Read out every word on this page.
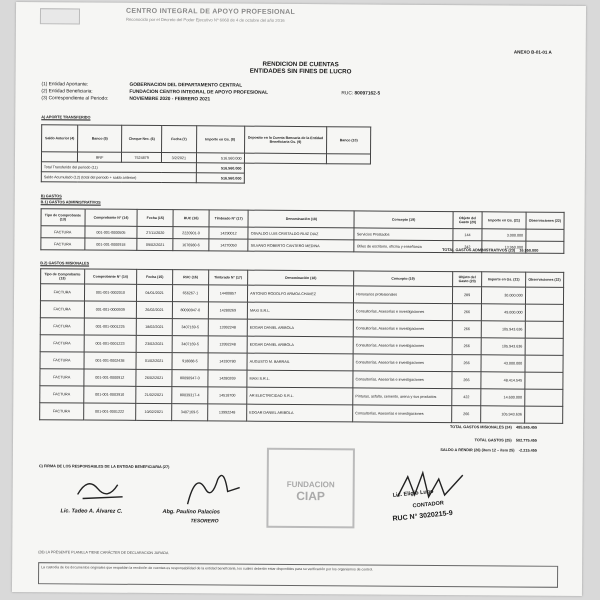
CENTRO INTEGRAL DE APOYO PROFESIONAL
Reconocido por el Decreto del Poder Ejecutivo Nº 6068 de 4 de octubre del año 2016
ANEXO B-01-01 A
RENDICION DE CUENTAS
ENTIDADES SIN FINES DE LUCRO
(1) Entidad Aportante:	GOBERNACION DEL DEPARTAMENTO CENTRAL
(2) Entidad Beneficiaria:	FUNDACION CENTRO INTEGRAL DE APOYO PROFESIONAL
(3) Correspondiente al Periodo:	NOVIEMBRE 2020 - FEBRERO 2021
RUC: 80097162-5
A) APORTE TRANSFERIDO
Saldo Anterior (4)	Banco (5)	Cheque Nro. (6)	Fecha (7)	Importe en Gs. (8)	Deposito en la Cuenta Bancaria de la Entidad Beneficiaria Gs. (9)	Banco (10)
	BNF	7524879	3/2/2021	516.560.000		
Total Transferido del periodo (11)				516.560.000		
Saldo Acumulado (12) (total del periodo + saldo anterior)				516.560.000		
B) GASTOS
B.1) GASTOS ADMINISTRATIVOS
Tipo de Comprobante (13)	Comprobante N° (14)	Fecha (15)	RUC (16)	Timbrado N° (17)	Denominación (18)	Concepto (19)	Objeto del Gasto (20)	Importe en Gs. (21)	Observaciones (22)
FACTURA	001-001-0000505	27/11/2020	2220901-0	14290012	OSVALDO LUIS CRISTALDO RUIZ DIAZ	Servicios Prestados	144	3.000.000	
FACTURA	001-001-0000918	09/02/2021	1676980-6	14270050	SILVANO ROBERTO CANTERO MEDINA	Útiles de escritorio, oficina y enseñanza	342	13.950.000	
TOTAL GASTOS ADMINISTRATIVOS (23) 16.950.000
B.2) GASTOS MISIONALES
Tipo de Comprobante (13)	Comprobante N° (14)	Fecha (15)	RUC (16)	Timbrado N° (17)	Denominación (18)	Concepto (19)	Objeto del Gasto (20)	Importe en Gs. (21)	Observaciones (22)
FACTURA	001-001-0002010	04/01/2021	656267-1	14400857	ANTONIO RODOLFO ARMOA CHAVEZ	Honorarios profesionales	289	30.000.000	
FACTURA	001-001-0000939	26/02/2021	80090947-0	14280269	MAXI S.R.L.	Consultorías, Asesorías e investigaciones	266	49.000.000	
FACTURA	001-001-0001225	18/02/2021	3407169-5	13992248	EDGAR DANIEL ARIBOLA	Consultorías, Asesorías e investigaciones	266	105.943.636	
FACTURA	001-001-0001223	23/02/2021	3407169-5	13992248	EDGAR DANIEL ARIBOLA	Consultorías, Asesorías e investigaciones	266	105.943.636	
FACTURA	001-001-0002438	01/02/2021	918088-5	14330780	AUGUSTO M. BARRAIL	Consultorías, Asesorías e investigaciones	266	43.000.000	
FACTURA	001-001-0000912	26/02/2021	80090947-0	14280269	MAXI S.R.L.	Consultorías, Asesorías e investigaciones	266	48.414.545	
FACTURA	001-001-0003910	21/02/2021	80039317-4	14518700	AR ELECTRICIDAD S.R.L.	Pinturas, asfalto, cemento, arena y sus productos	422	14.600.000	
FACTURA	001-001-0001222	10/02/2021	3407169-5	13992248	EDGAR DANIEL ARIBOLA	Consultorías, Asesorías e investigaciones	266	105.943.636	
TOTAL GASTOS MISIONALES (24) 485.845.455
TOTAL GASTOS (25) 502.775.455
SALDO A RENDIR (26) (ítem 12 – ítem 25) -2.215.455
C) FIRMA DE LOS RESPONSABLES DE LA ENTIDAD BENEFICIARIA (27)
Lic. Tadeo A. Álvarez C.	Abg. Paulino Palacios
TESORERO
FUNDACION
CIAP	Lic. Eligio Lugo
CONTADOR
RUC N° 3020215-9
(28) LA PRESENTE PLANILLA TIENE CARÁCTER DE DECLARACION JURADA
La custodia de los documentos originales que respaldan la rendición de cuentas es responsabilidad de la entidad beneficiaria, los cuales deberán estar disponibles para su verificación por los organismos de control.
